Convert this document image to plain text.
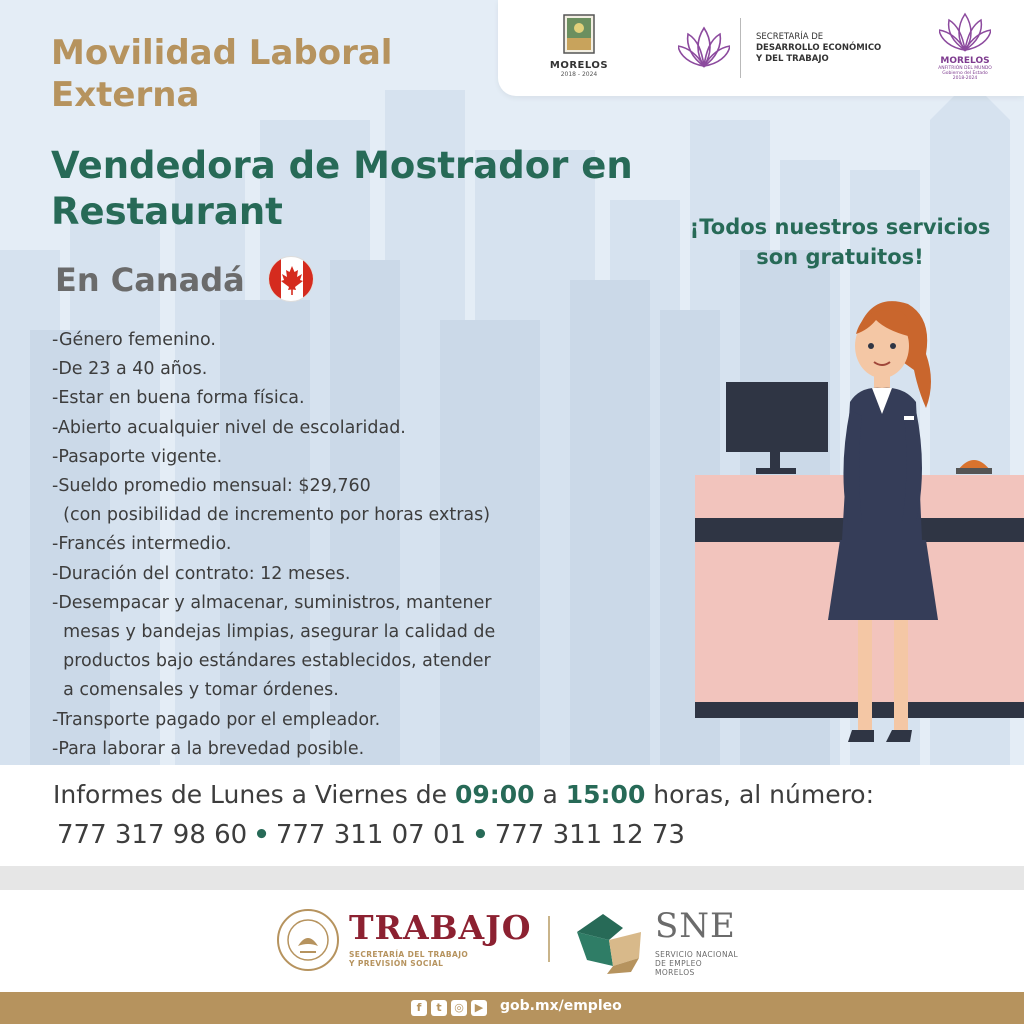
MORELOS
2018 - 2024
SECRETARÍA DE
DESARROLLO ECONÓMICO
Y DEL TRABAJO	MORELOS
ANFITRIÓN DEL MUNDO
Gobierno del Estado
2018-2024
Movilidad Laboral Externa
Vendedora de Mostrador en Restaurant
En Canadá
¡Todos nuestros servicios son gratuitos!
-Género femenino.
-De 23 a 40 años.
-Estar en buena forma física.
-Abierto acualquier nivel de escolaridad.
-Pasaporte vigente.
-Sueldo promedio mensual: $29,760
(con posibilidad de incremento por horas extras)
-Francés intermedio.
-Duración del contrato: 12 meses.
-Desempacar y almacenar, suministros, mantener
mesas y bandejas limpias, asegurar la calidad de
productos bajo estándares establecidos, atender
a comensales y tomar órdenes.
-Transporte pagado por el empleador.
-Para laborar a la brevedad posible.
Informes de Lunes a Viernes de 09:00 a 15:00 horas, al número:
777 317 98 60 • 777 311 07 01 • 777 311 12 73
TRABAJO
SECRETARÍA DEL TRABAJO
Y PREVISIÓN SOCIAL
SNE
SERVICIO NACIONAL
DE EMPLEO
MORELOS
f	t	◎ ▶ gob.mx/empleo
